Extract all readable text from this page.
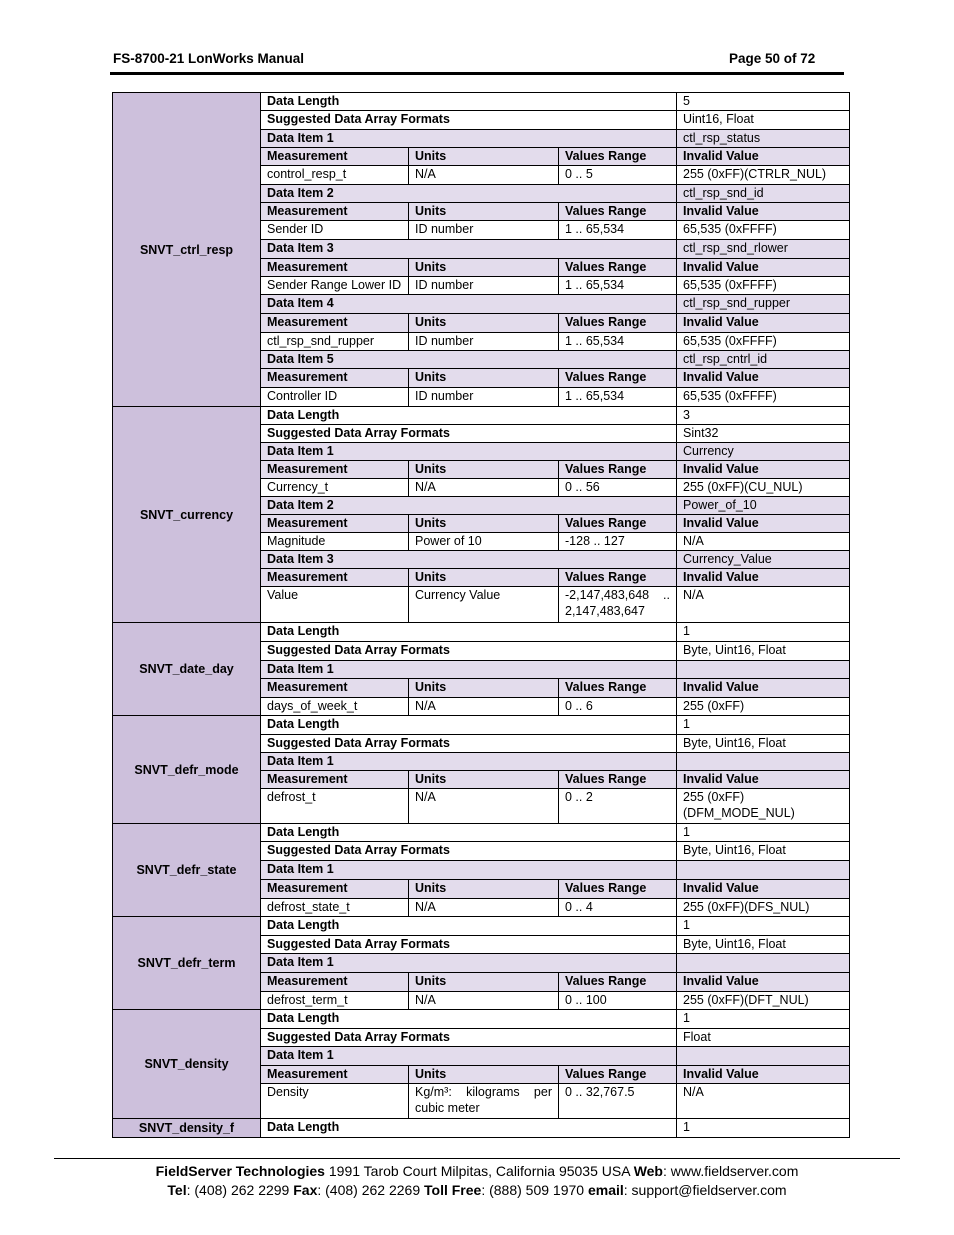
FS-8700-21 LonWorks Manual	Page 50 of 72
SNVT_ctrl_resp	Data Length			5
	Suggested Data Array Formats			Uint16, Float
	Data Item 1			ctl_rsp_status
	Measurement	Units	Values Range	Invalid Value
	control_resp_t	N/A	0 .. 5	255 (0xFF)(CTRLR_NUL)
	Data Item 2			ctl_rsp_snd_id
	Measurement	Units	Values Range	Invalid Value
	Sender ID	ID number	1 .. 65,534	65,535 (0xFFFF)
	Data Item 3			ctl_rsp_snd_rlower
	Measurement	Units	Values Range	Invalid Value
	Sender Range Lower ID	ID number	1 .. 65,534	65,535 (0xFFFF)
	Data Item 4			ctl_rsp_snd_rupper
	Measurement	Units	Values Range	Invalid Value
	ctl_rsp_snd_rupper	ID number	1 .. 65,534	65,535 (0xFFFF)
	Data Item 5			ctl_rsp_cntrl_id
	Measurement	Units	Values Range	Invalid Value
	Controller ID	ID number	1 .. 65,534	65,535 (0xFFFF)
SNVT_currency	Data Length			3
	Suggested Data Array Formats			Sint32
	Data Item 1			Currency
	Measurement	Units	Values Range	Invalid Value
	Currency_t	N/A	0 .. 56	255 (0xFF)(CU_NUL)
	Data Item 2			Power_of_10
	Measurement	Units	Values Range	Invalid Value
	Magnitude	Power of 10	-128 .. 127	N/A
	Data Item 3			Currency_Value
	Measurement	Units	Values Range	Invalid Value
	Value	Currency Value	-2,147,483,648 .. 2,147,483,647	N/A
SNVT_date_day	Data Length			1
	Suggested Data Array Formats			Byte, Uint16, Float
	Data Item 1			
	Measurement	Units	Values Range	Invalid Value
	days_of_week_t	N/A	0 .. 6	255 (0xFF)
SNVT_defr_mode	Data Length			1
	Suggested Data Array Formats			Byte, Uint16, Float
	Data Item 1			
	Measurement	Units	Values Range	Invalid Value
	defrost_t	N/A	0 .. 2	255 (0xFF)(DFM_MODE_NUL)
SNVT_defr_state	Data Length			1
	Suggested Data Array Formats			Byte, Uint16, Float
	Data Item 1			
	Measurement	Units	Values Range	Invalid Value
	defrost_state_t	N/A	0 .. 4	255 (0xFF)(DFS_NUL)
SNVT_defr_term	Data Length			1
	Suggested Data Array Formats			Byte, Uint16, Float
	Data Item 1			
	Measurement	Units	Values Range	Invalid Value
	defrost_term_t	N/A	0 .. 100	255 (0xFF)(DFT_NUL)
SNVT_density	Data Length			1
	Suggested Data Array Formats			Float
	Data Item 1			
	Measurement	Units	Values Range	Invalid Value
	Density	Kg/m³: kilograms per cubic meter	0 .. 32,767.5	N/A
SNVT_density_f	Data Length			1
FieldServer Technologies 1991 Tarob Court Milpitas, California 95035 USA Web: www.fieldserver.com
Tel: (408) 262 2299 Fax: (408) 262 2269 Toll Free: (888) 509 1970 email: support@fieldserver.com
